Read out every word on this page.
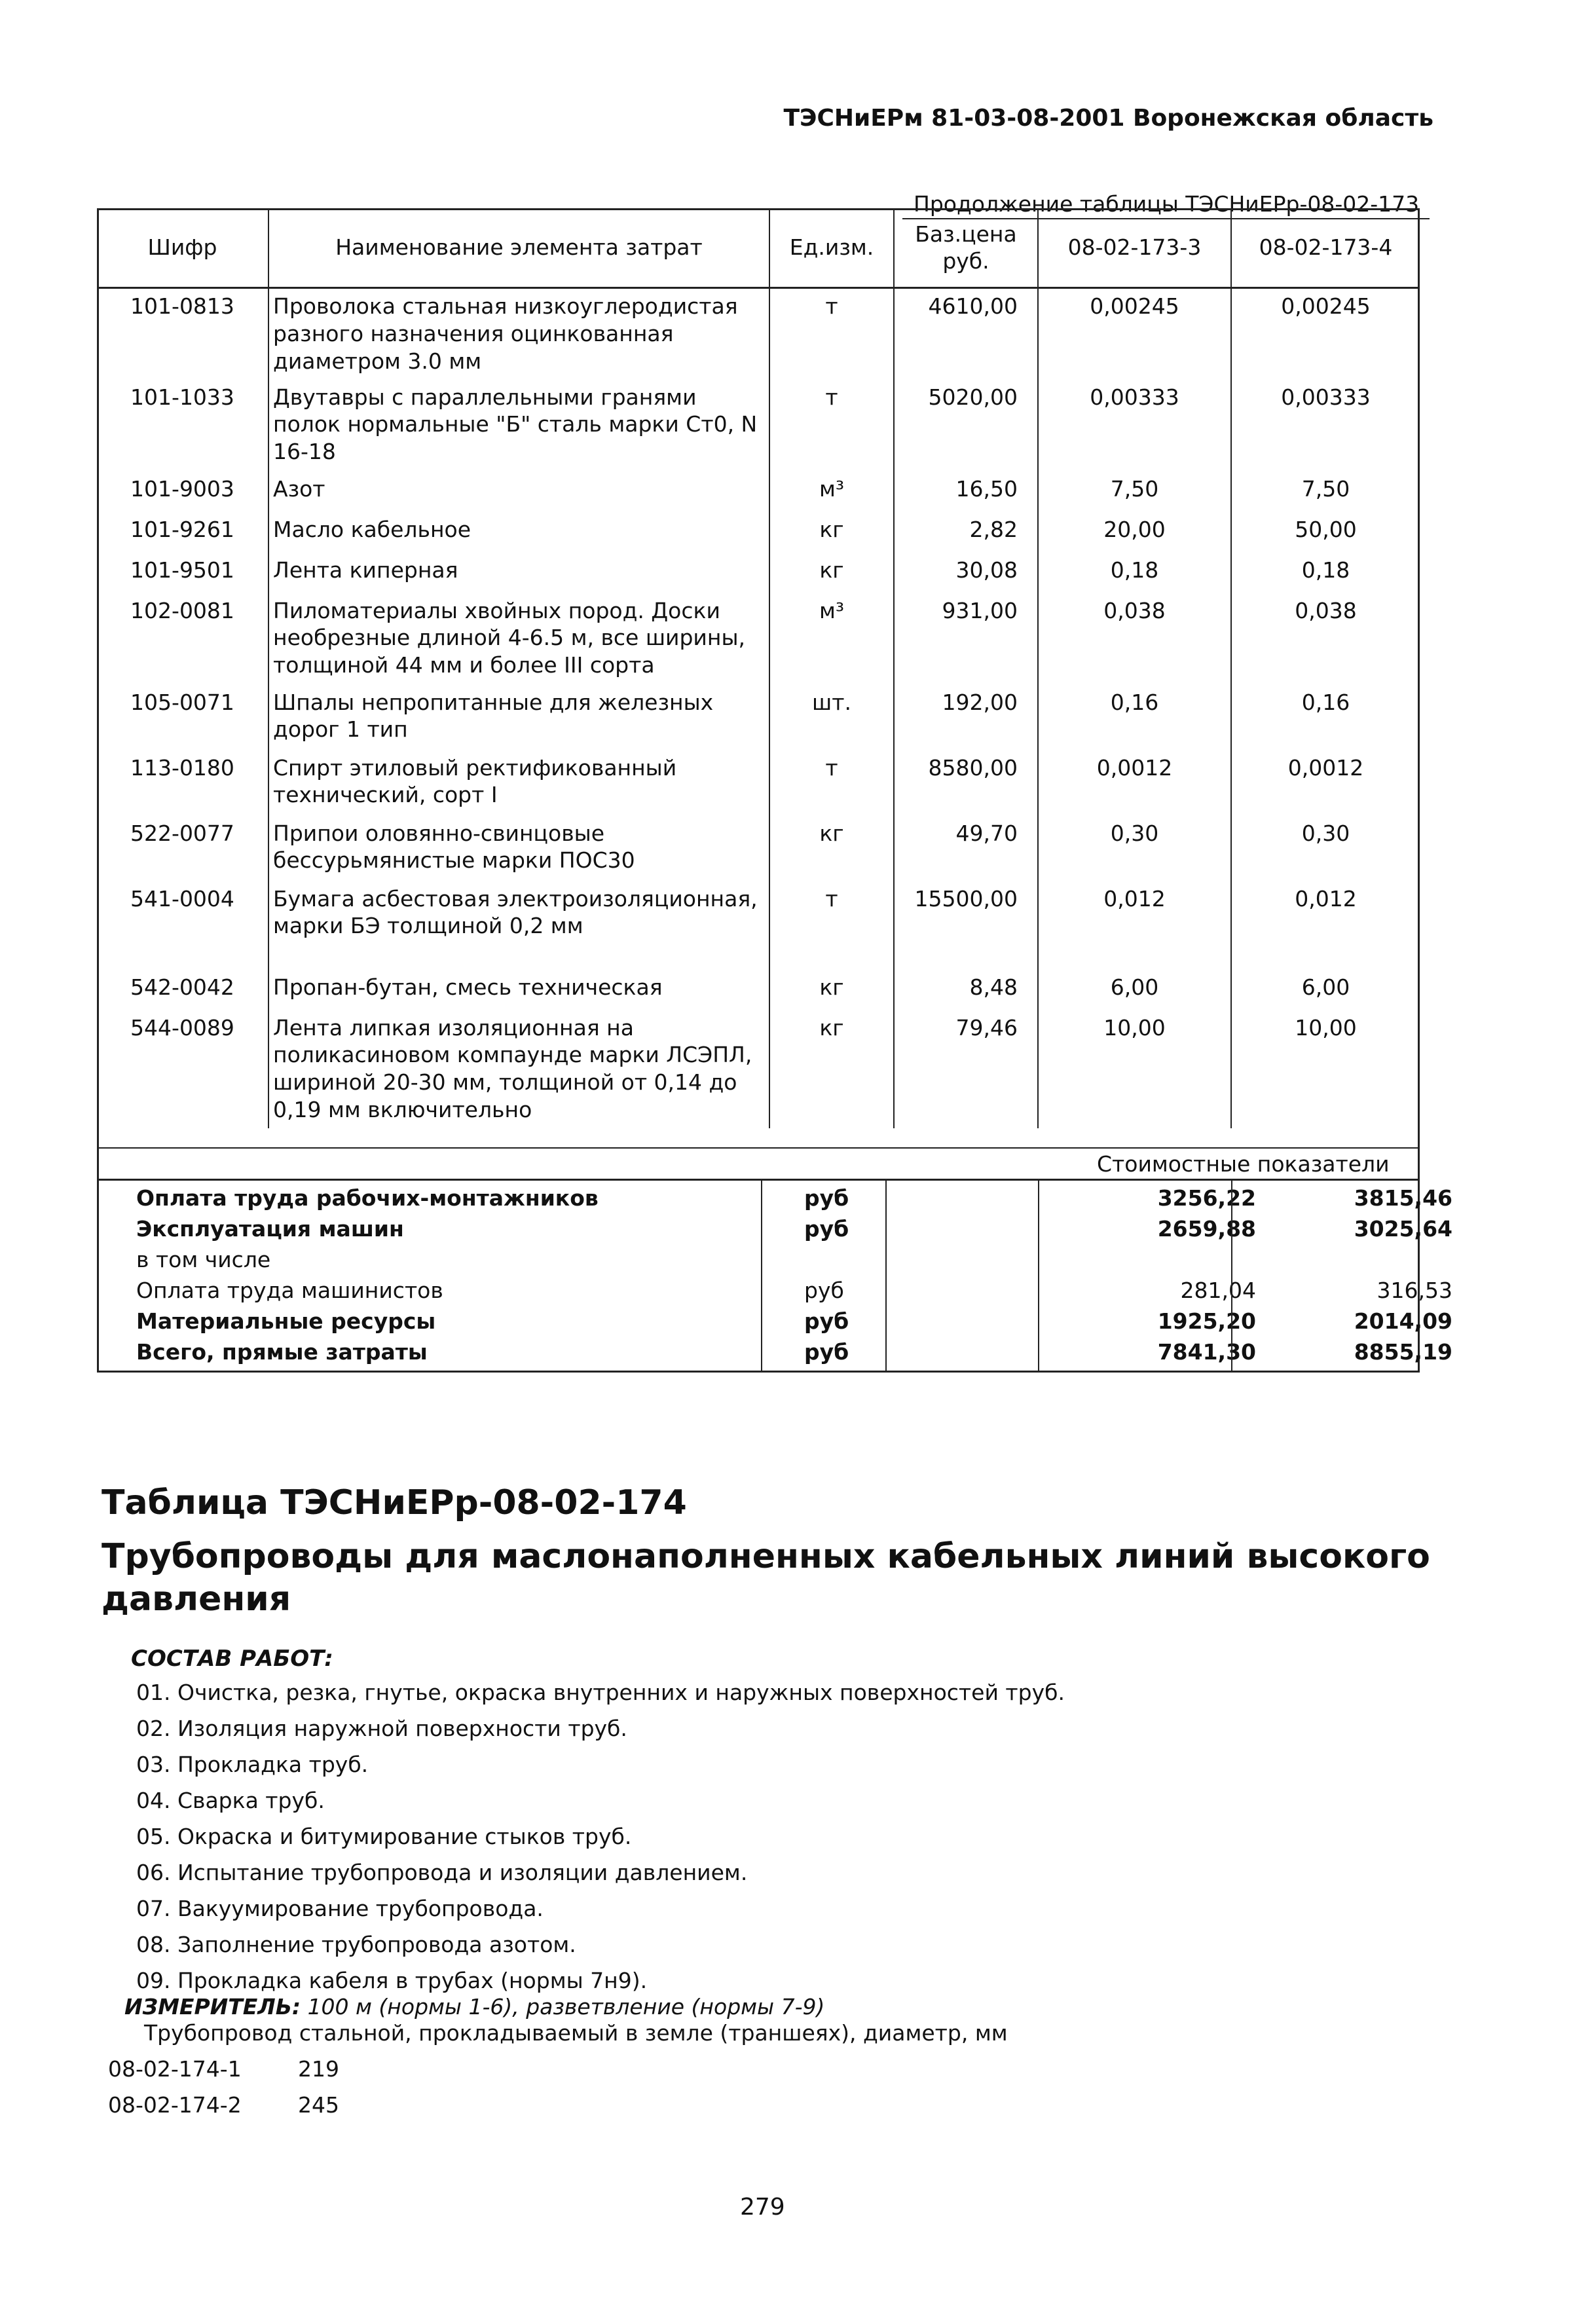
ТЭСНиЕРм 81-03-08-2001 Воронежская область
Продолжение таблицы ТЭСНиЕРр-08-02-173
Шифр	Наименование элемента затрат	Ед.изм.	Баз.цена руб.	08-02-173-3	08-02-173-4
101-0813	Проволока стальная низкоуглеродистая разного назначения оцинкованная диаметром 3.0 мм	т	4610,00	0,00245	0,00245
101-1033	Двутавры с параллельными гранями полок нормальные "Б" сталь марки Ст0, N 16-18	т	5020,00	0,00333	0,00333
101-9003	Азот	м³	16,50	7,50	7,50
101-9261	Масло кабельное	кг	2,82	20,00	50,00
101-9501	Лента киперная	кг	30,08	0,18	0,18
102-0081	Пиломатериалы хвойных пород. Доски необрезные длиной 4-6.5 м, все ширины, толщиной 44 мм и более III сорта	м³	931,00	0,038	0,038
105-0071	Шпалы непропитанные для железных дорог 1 тип	шт.	192,00	0,16	0,16
113-0180	Спирт этиловый ректификованный технический, сорт I	т	8580,00	0,0012	0,0012
522-0077	Припои оловянно-свинцовые бессурьмянистые марки ПОС30	кг	49,70	0,30	0,30
541-0004	Бумага асбестовая электроизоляционная, марки БЭ толщиной 0,2 мм	т	15500,00	0,012	0,012
542-0042	Пропан-бутан, смесь техническая	кг	8,48	6,00	6,00
544-0089	Лента липкая изоляционная на поликасиновом компаунде марки ЛСЭПЛ, шириной 20-30 мм, толщиной от 0,14 до 0,19 мм включительно	кг	79,46	10,00	10,00
Стоимостные показатели
Оплата труда рабочих-монтажников	руб	3256,22	3815,46
Эксплуатация машин	руб	2659,88	3025,64
в том числе
Оплата труда машинистов	руб	281,04	316,53
Материальные ресурсы	руб	1925,20	2014,09
Всего, прямые затраты	руб	7841,30	8855,19
Таблица ТЭСНиЕРр-08-02-174
Трубопроводы для маслонаполненных кабельных линий высокого давления
СОСТАВ РАБОТ:
01. Очистка, резка, гнутье, окраска внутренних и наружных поверхностей труб.
02. Изоляция наружной поверхности труб.
03. Прокладка труб.
04. Сварка труб.
05. Окраска и битумирование стыков труб.
06. Испытание трубопровода и изоляции давлением.
07. Вакуумирование трубопровода.
08. Заполнение трубопровода азотом.
09. Прокладка кабеля в трубах (нормы 7н9).
ИЗМЕРИТЕЛЬ: 100 м (нормы 1-6), разветвление (нормы 7-9)
Трубопровод стальной, прокладываемый в земле (траншеях), диаметр, мм
08-02-174-1	219
08-02-174-2	245
279
